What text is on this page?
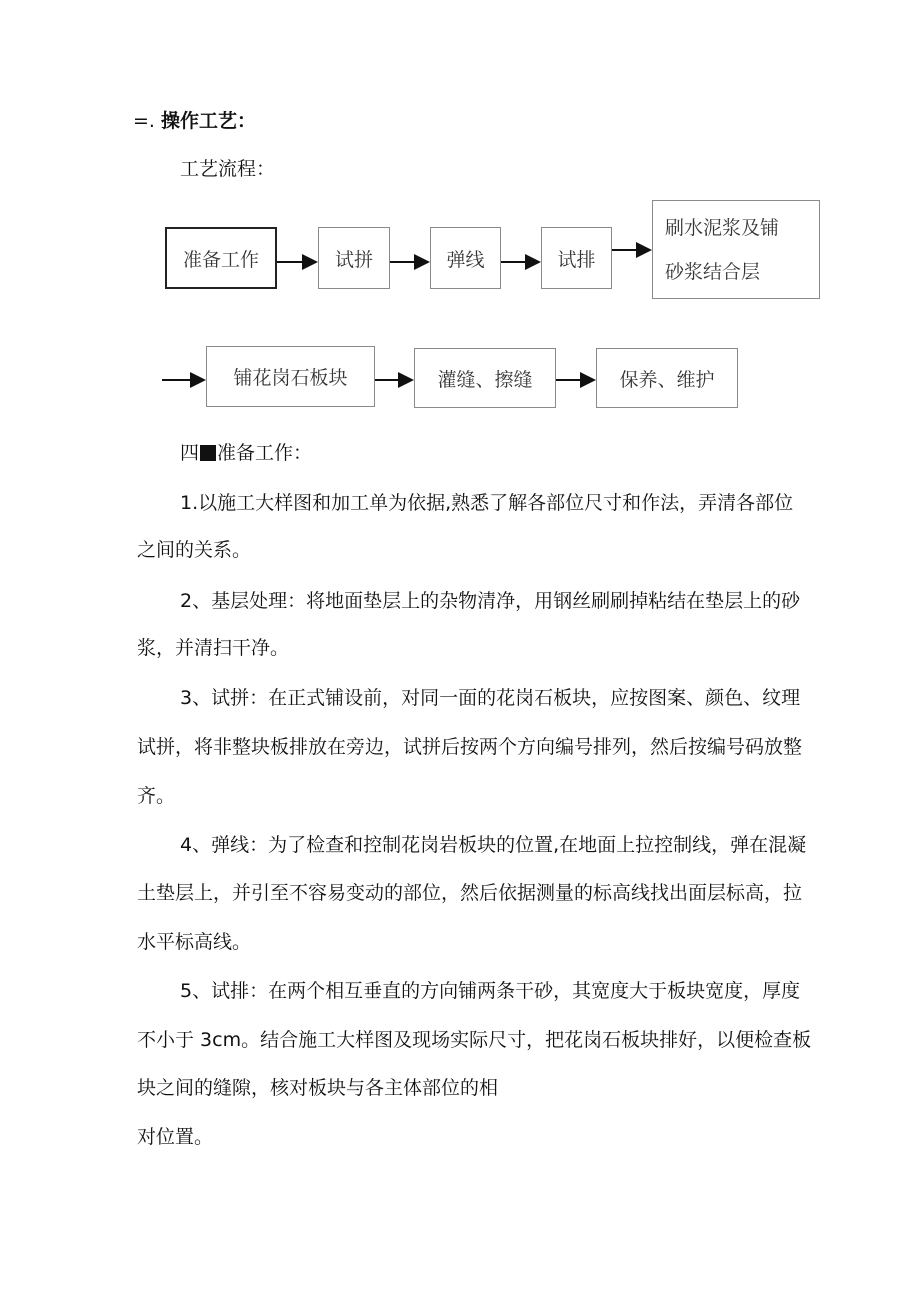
=. 操作工艺：
工艺流程：
准备工作	试拼	弹线	试排
刷水泥浆及铺
砂浆结合层
铺花岗石板块	灌缝、擦缝	保养、维护
四 准备工作：
1.以施工大样图和加工单为依据,熟悉了解各部位尺寸和作法，弄清各部位
之间的关系。
2、基层处理：将地面垫层上的杂物清净，用钢丝刷刷掉粘结在垫层上的砂
浆，并清扫干净。
3、试拼：在正式铺设前，对同一面的花岗石板块，应按图案、颜色、纹理
试拼，将非整块板排放在旁边，试拼后按两个方向编号排列，然后按编号码放整
齐。
4、弹线：为了检查和控制花岗岩板块的位置,在地面上拉控制线，弹在混凝
土垫层上，并引至不容易变动的部位，然后依据测量的标高线找出面层标高，拉
水平标高线。
5、试排：在两个相互垂直的方向铺两条干砂，其宽度大于板块宽度，厚度
不小于 3cm。结合施工大样图及现场实际尺寸，把花岗石板块排好，以便检查板
块之间的缝隙，核对板块与各主体部位的相
对位置。
